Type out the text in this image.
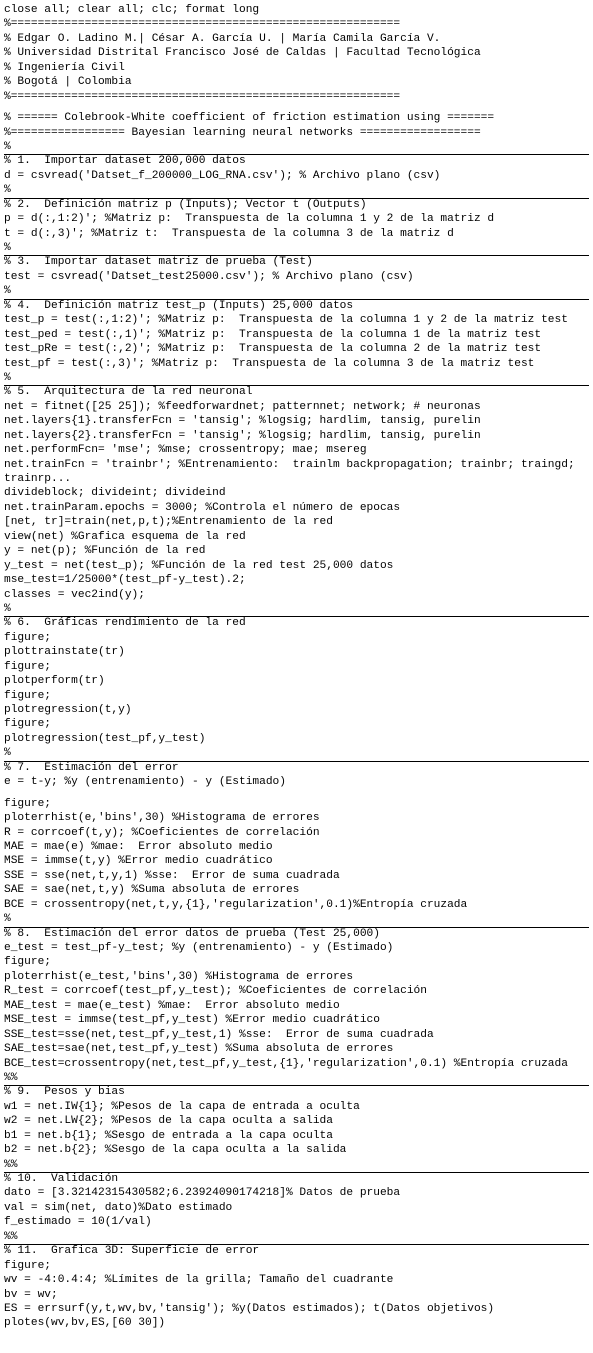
close all; clear all; clc; format long
%==========================================================
% Edgar O. Ladino M.| César A. García U. | María Camila García V.
% Universidad Distrital Francisco José de Caldas | Facultad Tecnológica
% Ingeniería Civil
% Bogotá | Colombia
%==========================================================
% ====== Colebrook-White coefficient of friction estimation using =======
%================= Bayesian learning neural networks ==================
%
% 1.  Importar dataset 200,000 datos
d = csvread('Datset_f_200000_LOG_RNA.csv'); % Archivo plano (csv)
%
% 2.  Definición matriz p (Inputs); Vector t (Outputs)
p = d(:,1:2)'; %Matriz p:  Transpuesta de la columna 1 y 2 de la matriz d
t = d(:,3)'; %Matriz t:  Transpuesta de la columna 3 de la matriz d
%
% 3.  Importar dataset matriz de prueba (Test)
test = csvread('Datset_test25000.csv'); % Archivo plano (csv)
%
% 4.  Definición matriz test_p (Inputs) 25,000 datos
test_p = test(:,1:2)'; %Matriz p:  Transpuesta de la columna 1 y 2 de la matriz test
test_ped = test(:,1)'; %Matriz p:  Transpuesta de la columna 1 de la matriz test
test_pRe = test(:,2)'; %Matriz p:  Transpuesta de la columna 2 de la matriz test
test_pf = test(:,3)'; %Matriz p:  Transpuesta de la columna 3 de la matriz test
%
% 5.  Arquitectura de la red neuronal
net = fitnet([25 25]); %feedforwardnet; patternnet; network; # neuronas
net.layers{1}.transferFcn = 'tansig'; %logsig; hardlim, tansig, purelin
net.layers{2}.transferFcn = 'tansig'; %logsig; hardlim, tansig, purelin
net.performFcn= 'mse'; %mse; crossentropy; mae; msereg
net.trainFcn = 'trainbr'; %Entrenamiento:  trainlm backpropagation; trainbr; traingd;
trainrp...
divideblock; divideint; divideind
net.trainParam.epochs = 3000; %Controla el número de epocas
[net, tr]=train(net,p,t);%Entrenamiento de la red
view(net) %Grafica esquema de la red
y = net(p); %Función de la red
y_test = net(test_p); %Función de la red test 25,000 datos
mse_test=1/25000*(test_pf-y_test).2;
classes = vec2ind(y);
%
% 6.  Gráficas rendimiento de la red
figure;
plottrainstate(tr)
figure;
plotperform(tr)
figure;
plotregression(t,y)
figure;
plotregression(test_pf,y_test)
%
% 7.  Estimación del error
e = t-y; %y (entrenamiento) - y (Estimado)
figure;
ploterrhist(e,'bins',30) %Histograma de errores
R = corrcoef(t,y); %Coeficientes de correlación
MAE = mae(e) %mae:  Error absoluto medio
MSE = immse(t,y) %Error medio cuadrático
SSE = sse(net,t,y,1) %sse:  Error de suma cuadrada
SAE = sae(net,t,y) %Suma absoluta de errores
BCE = crossentropy(net,t,y,{1},'regularization',0.1)%Entropía cruzada
%
% 8.  Estimación del error datos de prueba (Test 25,000)
e_test = test_pf-y_test; %y (entrenamiento) - y (Estimado)
figure;
ploterrhist(e_test,'bins',30) %Histograma de errores
R_test = corrcoef(test_pf,y_test); %Coeficientes de correlación
MAE_test = mae(e_test) %mae:  Error absoluto medio
MSE_test = immse(test_pf,y_test) %Error medio cuadrático
SSE_test=sse(net,test_pf,y_test,1) %sse:  Error de suma cuadrada
SAE_test=sae(net,test_pf,y_test) %Suma absoluta de errores
BCE_test=crossentropy(net,test_pf,y_test,{1},'regularization',0.1) %Entropía cruzada
%%
% 9.  Pesos y bias
w1 = net.IW{1}; %Pesos de la capa de entrada a oculta
w2 = net.LW{2}; %Pesos de la capa oculta a salida
b1 = net.b{1}; %Sesgo de entrada a la capa oculta
b2 = net.b{2}; %Sesgo de la capa oculta a la salida
%%
% 10.  Validación
dato = [3.32142315430582;6.23924090174218]% Datos de prueba
val = sim(net, dato)%Dato estimado
f_estimado = 10(1/val)
%%
% 11.  Grafica 3D: Superficie de error
figure;
wv = -4:0.4:4; %Límites de la grilla; Tamaño del cuadrante
bv = wv;
ES = errsurf(y,t,wv,bv,'tansig'); %y(Datos estimados); t(Datos objetivos)
plotes(wv,bv,ES,[60 30])
